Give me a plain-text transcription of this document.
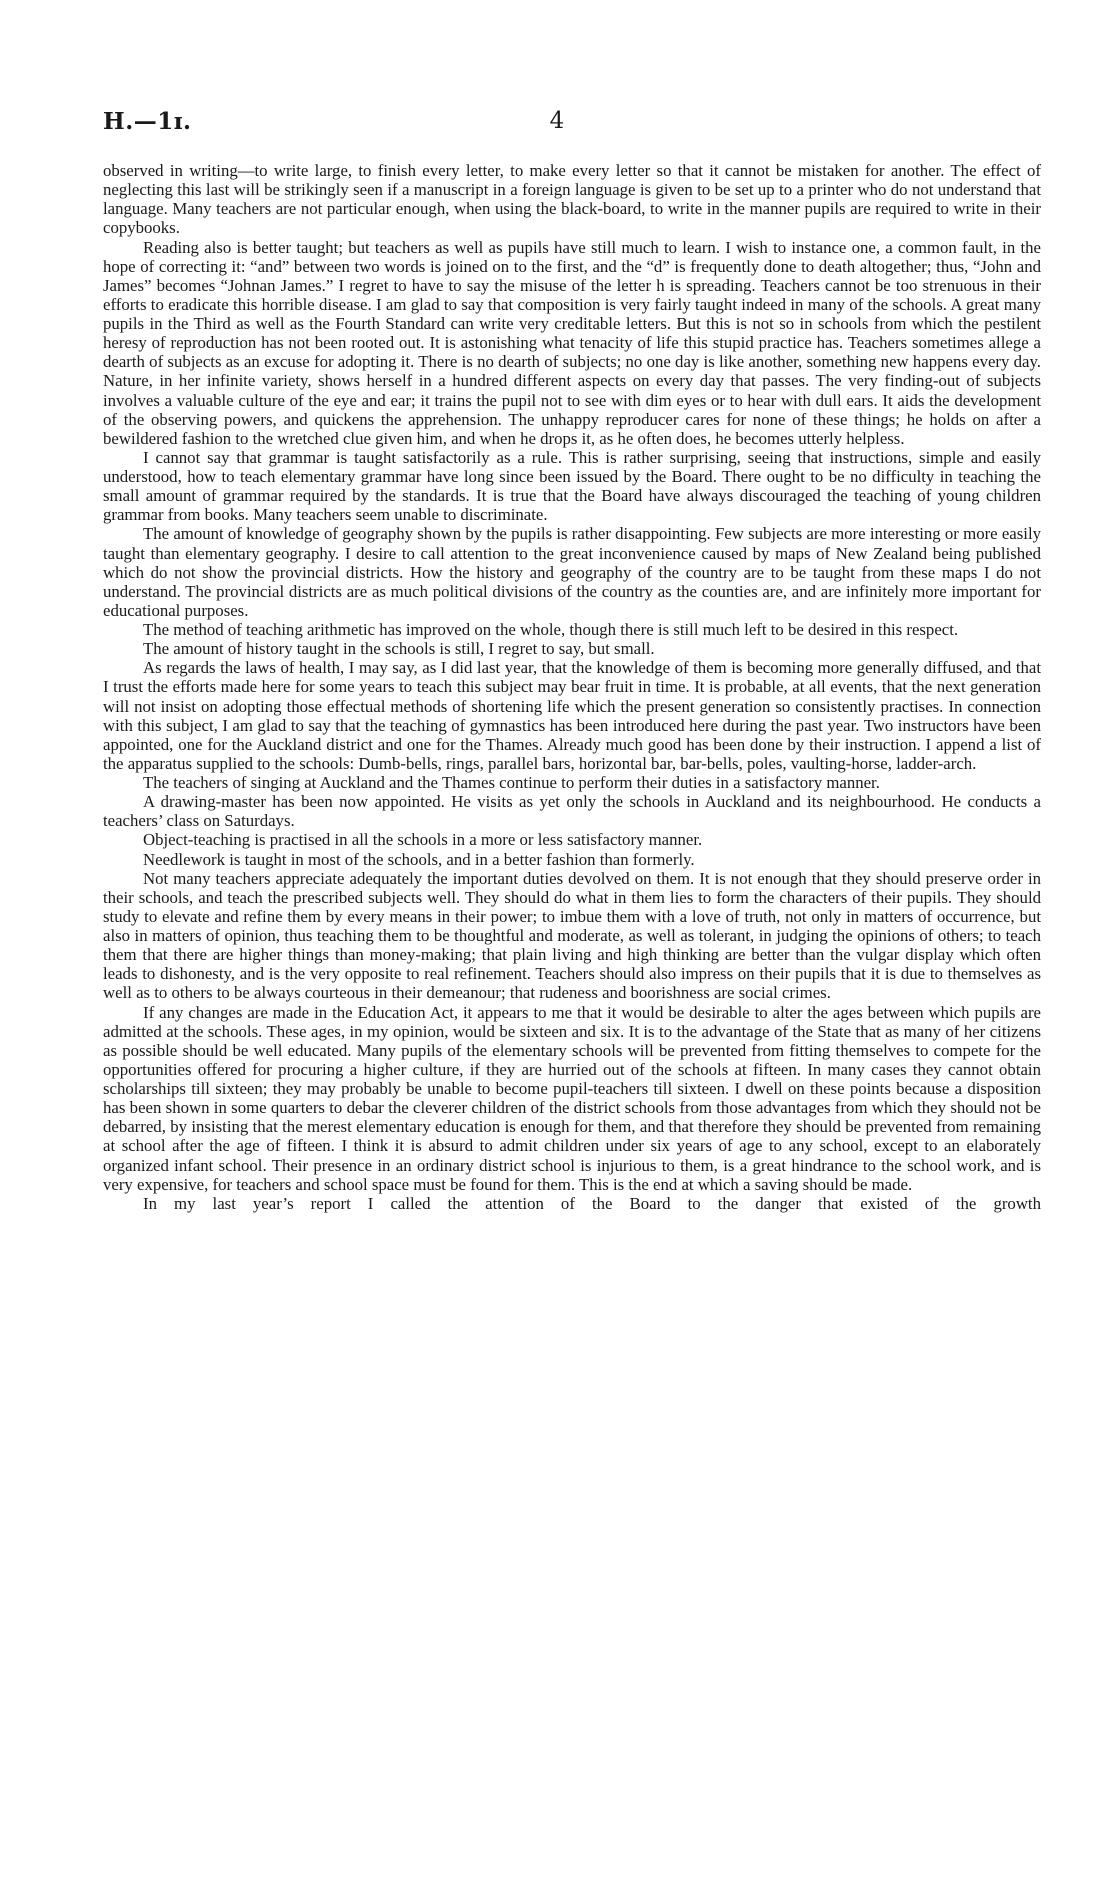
H.—1ɪ.	4

observed in writing—to write large, to finish every letter, to make every letter so that it cannot be mistaken for another. The effect of neglecting this last will be strikingly seen if a manuscript in a foreign language is given to be set up to a printer who do not understand that language. Many teachers are not particular enough, when using the black-board, to write in the manner pupils are required to write in their copybooks.

Reading also is better taught; but teachers as well as pupils have still much to learn. I wish to instance one, a common fault, in the hope of correcting it: “and” between two words is joined on to the first, and the “d” is frequently done to death altogether; thus, “John and James” becomes “Johnan James.” I regret to have to say the misuse of the letter h is spreading. Teachers cannot be too strenuous in their efforts to eradicate this horrible disease. I am glad to say that composition is very fairly taught indeed in many of the schools. A great many pupils in the Third as well as the Fourth Standard can write very creditable letters. But this is not so in schools from which the pestilent heresy of reproduction has not been rooted out. It is astonishing what tenacity of life this stupid practice has. Teachers sometimes allege a dearth of subjects as an excuse for adopting it. There is no dearth of subjects; no one day is like another, something new happens every day. Nature, in her infinite variety, shows herself in a hundred different aspects on every day that passes. The very finding-out of subjects involves a valuable culture of the eye and ear; it trains the pupil not to see with dim eyes or to hear with dull ears. It aids the development of the observing powers, and quickens the apprehension. The unhappy reproducer cares for none of these things; he holds on after a bewildered fashion to the wretched clue given him, and when he drops it, as he often does, he becomes utterly helpless.

I cannot say that grammar is taught satisfactorily as a rule. This is rather surprising, seeing that instructions, simple and easily understood, how to teach elementary grammar have long since been issued by the Board. There ought to be no difficulty in teaching the small amount of grammar required by the standards. It is true that the Board have always discouraged the teaching of young children grammar from books. Many teachers seem unable to discriminate.

The amount of knowledge of geography shown by the pupils is rather disappointing. Few subjects are more interesting or more easily taught than elementary geography. I desire to call attention to the great inconvenience caused by maps of New Zealand being published which do not show the provincial districts. How the history and geography of the country are to be taught from these maps I do not understand. The provincial districts are as much political divisions of the country as the counties are, and are infinitely more important for educational purposes.

The method of teaching arithmetic has improved on the whole, though there is still much left to be desired in this respect.

The amount of history taught in the schools is still, I regret to say, but small.

As regards the laws of health, I may say, as I did last year, that the knowledge of them is becoming more generally diffused, and that I trust the efforts made here for some years to teach this subject may bear fruit in time. It is probable, at all events, that the next generation will not insist on adopting those effectual methods of shortening life which the present generation so consistently practises. In connection with this subject, I am glad to say that the teaching of gymnastics has been introduced here during the past year. Two instructors have been appointed, one for the Auckland district and one for the Thames. Already much good has been done by their instruction. I append a list of the apparatus supplied to the schools: Dumb-bells, rings, parallel bars, horizontal bar, bar-bells, poles, vaulting-horse, ladder-arch.

The teachers of singing at Auckland and the Thames continue to perform their duties in a satisfactory manner.

A drawing-master has been now appointed. He visits as yet only the schools in Auckland and its neighbourhood. He conducts a teachers’ class on Saturdays.

Object-teaching is practised in all the schools in a more or less satisfactory manner.

Needlework is taught in most of the schools, and in a better fashion than formerly.

Not many teachers appreciate adequately the important duties devolved on them. It is not enough that they should preserve order in their schools, and teach the prescribed subjects well. They should do what in them lies to form the characters of their pupils. They should study to elevate and refine them by every means in their power; to imbue them with a love of truth, not only in matters of occurrence, but also in matters of opinion, thus teaching them to be thoughtful and moderate, as well as tolerant, in judging the opinions of others; to teach them that there are higher things than money-making; that plain living and high thinking are better than the vulgar display which often leads to dishonesty, and is the very opposite to real refinement. Teachers should also impress on their pupils that it is due to themselves as well as to others to be always courteous in their demeanour; that rudeness and boorishness are social crimes.

If any changes are made in the Education Act, it appears to me that it would be desirable to alter the ages between which pupils are admitted at the schools. These ages, in my opinion, would be sixteen and six. It is to the advantage of the State that as many of her citizens as possible should be well educated. Many pupils of the elementary schools will be prevented from fitting themselves to compete for the opportunities offered for procuring a higher culture, if they are hurried out of the schools at fifteen. In many cases they cannot obtain scholarships till sixteen; they may probably be unable to become pupil-teachers till sixteen. I dwell on these points because a disposition has been shown in some quarters to debar the cleverer children of the district schools from those advantages from which they should not be debarred, by insisting that the merest elementary education is enough for them, and that therefore they should be prevented from remaining at school after the age of fifteen. I think it is absurd to admit children under six years of age to any school, except to an elaborately organized infant school. Their presence in an ordinary district school is injurious to them, is a great hindrance to the school work, and is very expensive, for teachers and school space must be found for them. This is the end at which a saving should be made.

In my last year’s report I called the attention of the Board to the danger that existed of the growth
